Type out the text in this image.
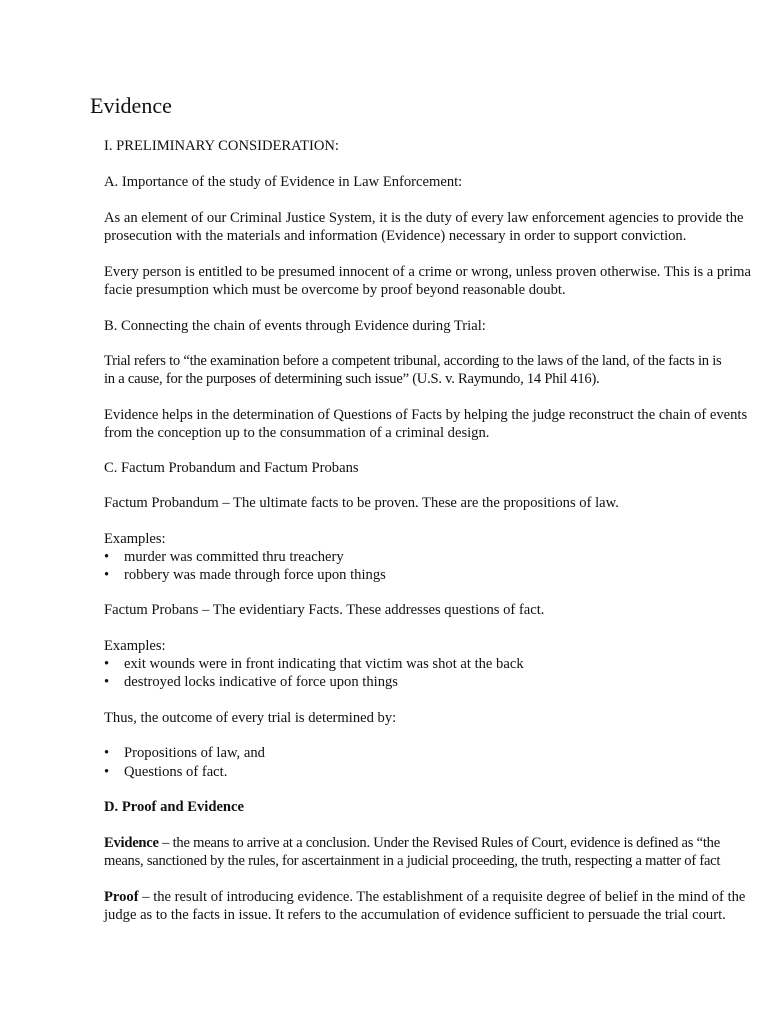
Evidence
I. PRELIMINARY CONSIDERATION:
A. Importance of the study of Evidence in Law Enforcement:
As an element of our Criminal Justice System, it is the duty of every law enforcement agencies to provide the
prosecution with the materials and information (Evidence) necessary in order to support conviction.
Every person is entitled to be presumed innocent of a crime or wrong, unless proven otherwise. This is a prima
facie presumption which must be overcome by proof beyond reasonable doubt.
B. Connecting the chain of events through Evidence during Trial:
Trial refers to “the examination before a competent tribunal, according to the laws of the land, of the facts in is
in a cause, for the purposes of determining such issue” (U.S. v. Raymundo, 14 Phil 416).
Evidence helps in the determination of Questions of Facts by helping the judge reconstruct the chain of events
from the conception up to the consummation of a criminal design.
C. Factum Probandum and Factum Probans
Factum Probandum – The ultimate facts to be proven. These are the propositions of law.
Examples:
• murder was committed thru treachery
• robbery was made through force upon things
Factum Probans – The evidentiary Facts. These addresses questions of fact.
Examples:
• exit wounds were in front indicating that victim was shot at the back
• destroyed locks indicative of force upon things
Thus, the outcome of every trial is determined by:
• Propositions of law, and
• Questions of fact.
D. Proof and Evidence
Evidence – the means to arrive at a conclusion. Under the Revised Rules of Court, evidence is defined as “the
means, sanctioned by the rules, for ascertainment in a judicial proceeding, the truth, respecting a matter of fact
Proof – the result of introducing evidence. The establishment of a requisite degree of belief in the mind of the
judge as to the facts in issue. It refers to the accumulation of evidence sufficient to persuade the trial court.
